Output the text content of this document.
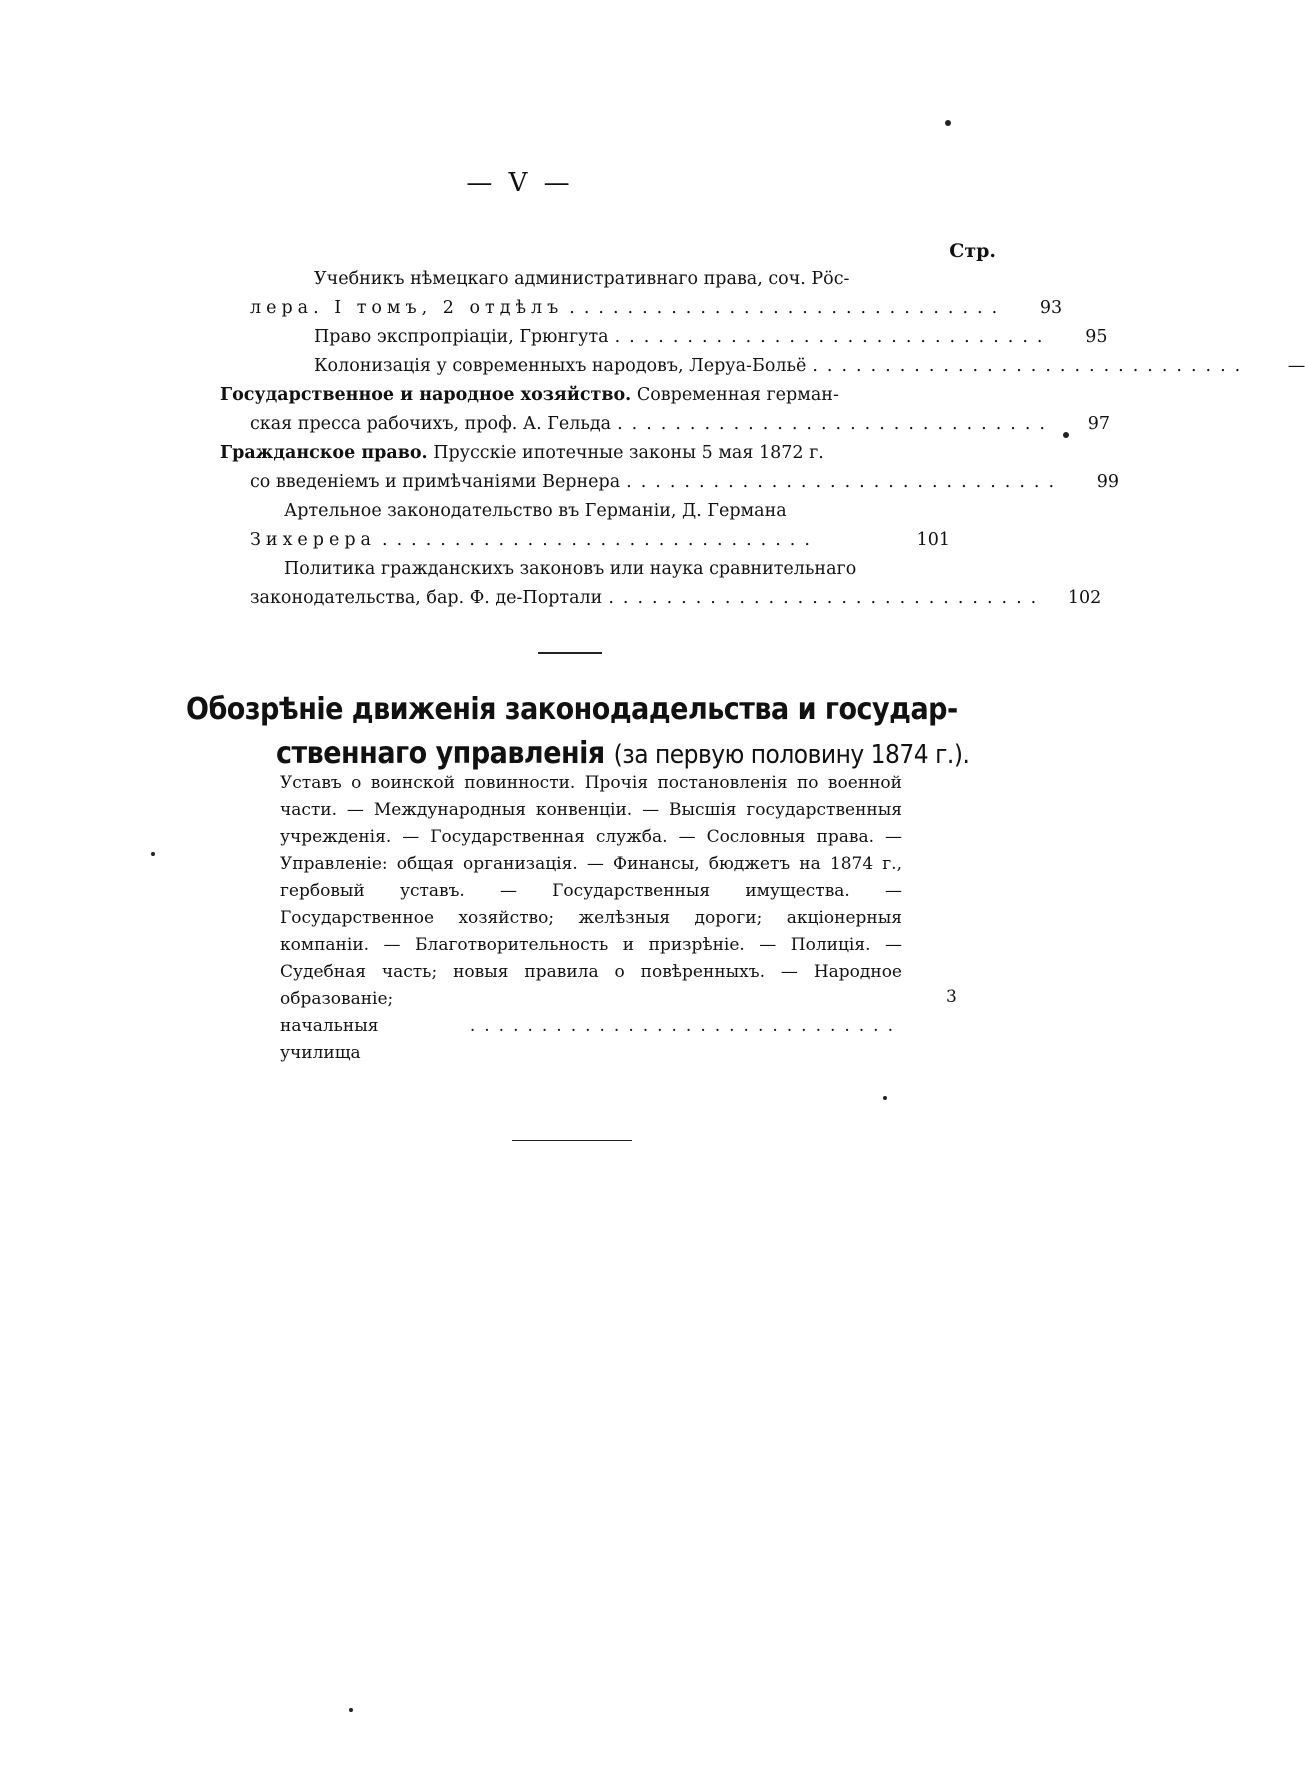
— V —
Стр.
Учебникъ нѣмецкаго административнаго права, соч. Рӧс-
лера. I томъ, 2 отдѣлъ ..............................	93
Право экспропріацiи, Грюнгута ..............................	95
Колонизацiя у современныхъ народовъ, Леруа-Больё ..............................	—
Государственное и народное хозяйство. Современная герман-
ская пресса рабочихъ, проф. А. Гельда ..............................	97
Гражданское право. Прусскiе ипотечные законы 5 мая 1872 г.
со введенiемъ и примѣчанiями Вернера ..............................	99
Артельное законодательство въ Германiи, Д. Германа
Зихерера ..............................	101
Политика гражданскихъ законовъ или наука сравнительнаго
законодательства, бар. Ф. де-Портали ..............................	102
Обозрѣнiе движенiя законодадельства и государ-
ственнаго управленiя (за первую половину 1874 г.).
Уставъ о воинской повинности. Прочiя постановленiя по военной части. — Международныя конвенцiи. — Высшiя государственныя учрежденiя. — Государственная служба. — Сословныя права. — Управленiе: общая организацiя. — Финансы, бюджетъ на 1874 г., гербовый уставъ. — Государственныя имущества. — Государственное хозяйство; желѣзныя дороги; акцiонерныя компанiи. — Благотворительность и призрѣнiе. — Полицiя. — Судебная часть; новыя правила о повѣренныхъ. — Народное образованiе;
начальныя училища
..............................
3
